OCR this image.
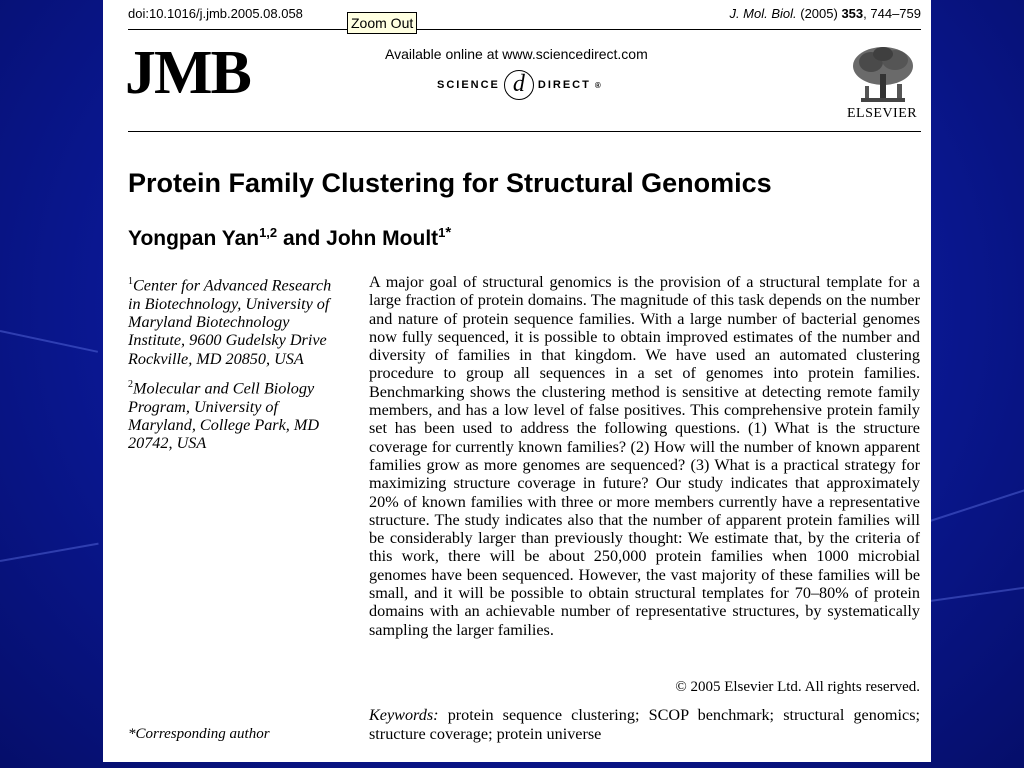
doi:10.1016/j.jmb.2005.08.058	J. Mol. Biol. (2005) 353, 744–759
JMB	Available online at www.sciencedirect.com
SCIENCE d	DIRECT ®
ELSEVIER
Zoom Out
Protein Family Clustering for Structural Genomics
Yongpan Yan$^{1,2}$ and John Moult$^{1*}$
$^1$Center for Advanced Research in Biotechnology, University of Maryland Biotechnology Institute, 9600 Gudelsky Drive Rockville, MD 20850, USA
$^2$Molecular and Cell Biology Program, University of Maryland, College Park, MD 20742, USA
A major goal of structural genomics is the provision of a structural template for a large fraction of protein domains. The magnitude of this task depends on the number and nature of protein sequence families. With a large number of bacterial genomes now fully sequenced, it is possible to obtain improved estimates of the number and diversity of families in that kingdom. We have used an automated clustering procedure to group all sequences in a set of genomes into protein families. Benchmarking shows the clustering method is sensitive at detecting remote family members, and has a low level of false positives. This comprehensive protein family set has been used to address the following questions. (1) What is the structure coverage for currently known families? (2) How will the number of known apparent families grow as more genomes are sequenced? (3) What is a practical strategy for maximizing structure coverage in future? Our study indicates that approximately 20% of known families with three or more members currently have a representative structure. The study indicates also that the number of apparent protein families will be considerably larger than previously thought: We estimate that, by the criteria of this work, there will be about 250,000 protein families when 1000 microbial genomes have been sequenced. However, the vast majority of these families will be small, and it will be possible to obtain structural templates for 70–80% of protein domains with an achievable number of representative structures, by systematically sampling the larger families.
© 2005 Elsevier Ltd. All rights reserved.
Keywords: protein sequence clustering; SCOP benchmark; structural genomics; structure coverage; protein universe
*Corresponding author
